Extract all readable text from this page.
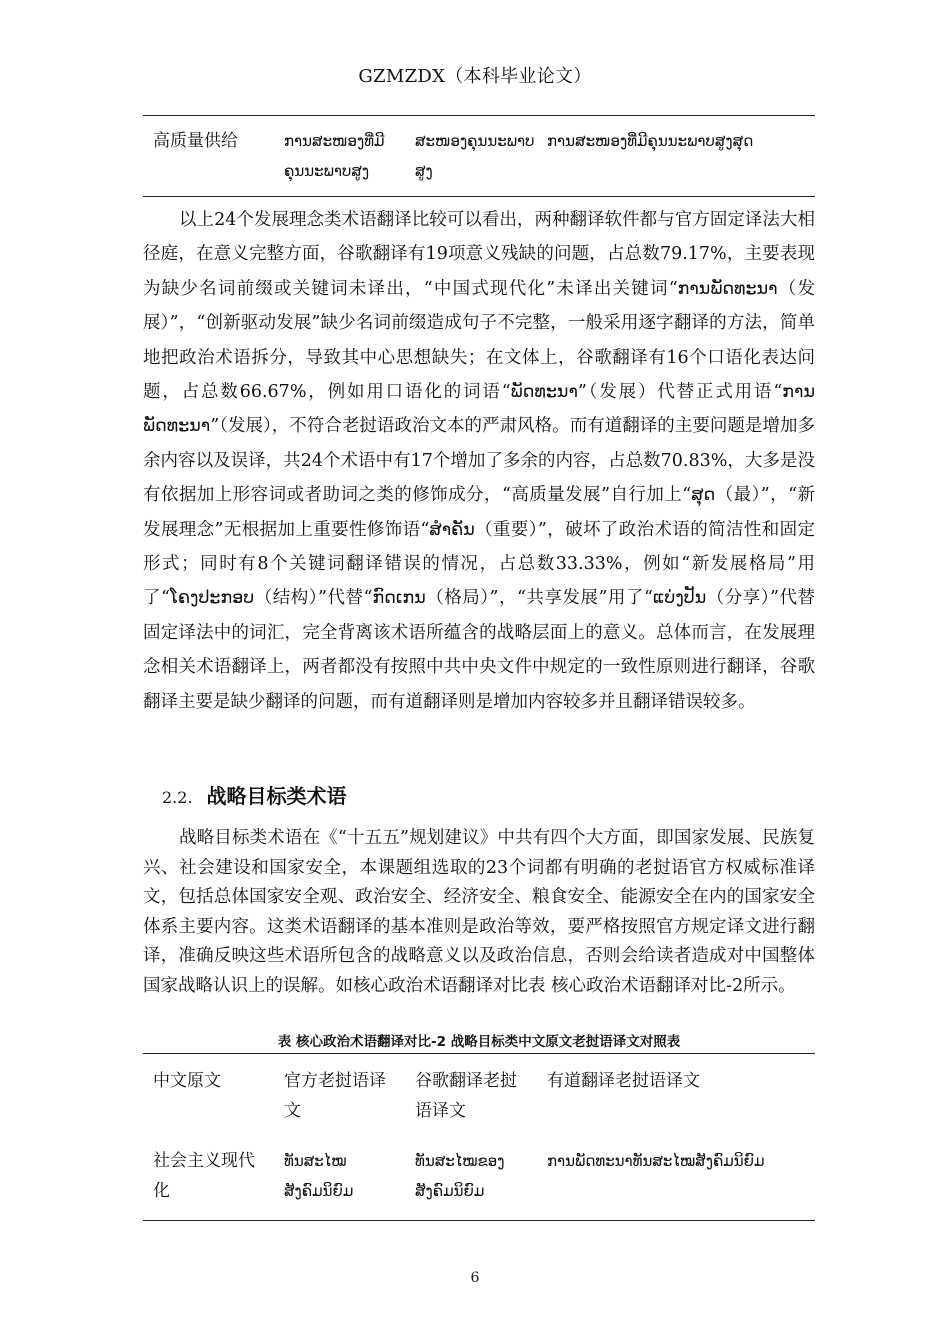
GZMZDX（本科毕业论文）
高质量供给	ການສະໜອງທີ່ມີຄຸນນະພາບສູງ
ສະໜອງຄຸນນະພາບສູງ
ການສະໜອງທີ່ມີຄຸນນະພາບສູງສຸດ

以上24个发展理念类术语翻译比较可以看出，两种翻译软件都与官方固定译法大相径庭，在意义完整方面，谷歌翻译有19项意义残缺的问题，占总数79.17%，主要表现为缺少名词前缀或关键词未译出，“中国式现代化”未译出关键词“ການພັດທະນາ（发展）”，“创新驱动发展”缺少名词前缀造成句子不完整，一般采用逐字翻译的方法，简单地把政治术语拆分，导致其中心思想缺失；在文体上，谷歌翻译有16个口语化表达问题，占总数66.67%，例如用口语化的词语“ພັດທະນາ”（发展）代替正式用语“ການພັດທະນາ”（发展），不符合老挝语政治文本的严肃风格。而有道翻译的主要问题是增加多余内容以及误译，共24个术语中有17个增加了多余的内容，占总数70.83%，大多是没有依据加上形容词或者助词之类的修饰成分，“高质量发展”自行加上“ສຸດ（最）”，“新发展理念”无根据加上重要性修饰语“ສຳຄັນ（重要）”，破坏了政治术语的简洁性和固定形式；同时有8个关键词翻译错误的情况，占总数33.33%，例如“新发展格局”用了“ໂຄງປະກອບ（结构）”代替“ກົດເກນ（格局）”，“共享发展”用了“ແບ່ງປັນ（分享）”代替固定译法中的词汇，完全背离该术语所蕴含的战略层面上的意义。总体而言，在发展理念相关术语翻译上，两者都没有按照中共中央文件中规定的一致性原则进行翻译，谷歌翻译主要是缺少翻译的问题，而有道翻译则是增加内容较多并且翻译错误较多。

2.2. 战略目标类术语

战略目标类术语在《“十五五”规划建议》中共有四个大方面，即国家发展、民族复兴、社会建设和国家安全，本课题组选取的23个词都有明确的老挝语官方权威标准译文，包括总体国家安全观、政治安全、经济安全、粮食安全、能源安全在内的国家安全体系主要内容。这类术语翻译的基本准则是政治等效，要严格按照官方规定译文进行翻译，准确反映这些术语所包含的战略意义以及政治信息，否则会给读者造成对中国整体国家战略认识上的误解。如核心政治术语翻译对比表 核心政治术语翻译对比-2所示。

表 核心政治术语翻译对比-2 战略目标类中文原文老挝语译文对照表
中文原文	官方老挝语译文
谷歌翻译老挝语译文
有道翻译老挝语译文
社会主义现代化
ທັນສະໄໝສັງຄົມນິຍົມ
ທັນສະໄໝຂອງສັງຄົມນິຍົມ
ການພັດທະນາທັນສະໄໝສັງຄົມນິຍົມ
6
